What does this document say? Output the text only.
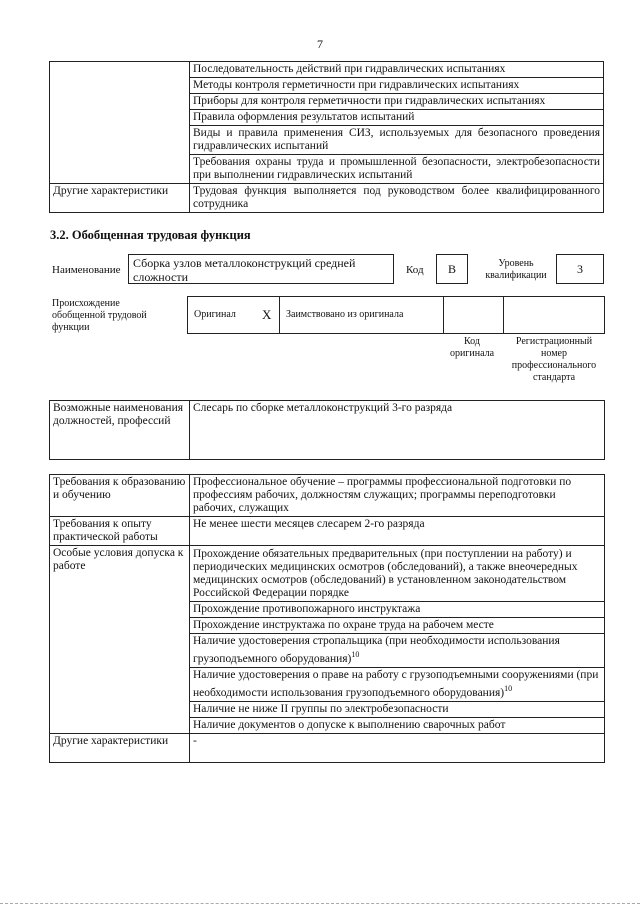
7
	Последовательность действий при гидравлических испытаниях
	Методы контроля герметичности при гидравлических испытаниях
	Приборы для контроля герметичности при гидравлических испытаниях
	Правила оформления результатов испытаний
	Виды и правила применения СИЗ, используемых для безопасного проведения гидравлических испытаний
	Требования охраны труда и промышленной безопасности, электробезопасности при выполнении гидравлических испытаний
Другие характеристики	Трудовая функция выполняется под руководством более квалифицированного сотрудника
3.2. Обобщенная трудовая функция
Наименование	Сборка узлов металлоконструкций средней сложности	Код	В	Уровень квалификации	3
Происхождение обобщенной трудовой функции
Оригинал X Заимствовано из оригинала
Код оригинала
Регистрационный номер профессионального стандарта
Возможные наименования должностей, профессий	Слесарь по сборке металлоконструкций 3-го разряда
Требования к образованию и обучению	Профессиональное обучение – программы профессиональной подготовки по профессиям рабочих, должностям служащих; программы переподготовки рабочих, служащих
Требования к опыту практической работы	Не менее шести месяцев слесарем 2-го разряда
Особые условия допуска к работе	Прохождение обязательных предварительных (при поступлении на работу) и периодических медицинских осмотров (обследований), а также внеочередных медицинских осмотров (обследований) в установленном законодательством Российской Федерации порядке
	Прохождение противопожарного инструктажа
	Прохождение инструктажа по охране труда на рабочем месте
	Наличие удостоверения стропальщика (при необходимости использования грузоподъемного оборудования)$^{10}$
	Наличие удостоверения о праве на работу с грузоподъемными сооружениями (при необходимости использования грузоподъемного оборудования)$^{10}$
	Наличие не ниже II группы по электробезопасности
	Наличие документов о допуске к выполнению сварочных работ
Другие характеристики	-
